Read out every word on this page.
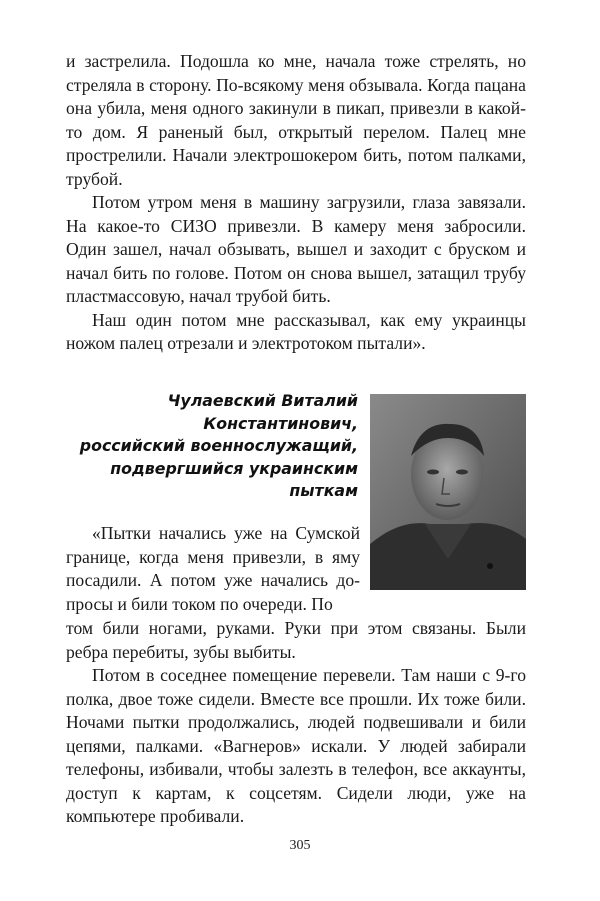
и застрелила. Подошла ко мне, начала тоже стрелять, но стреляла в сторону. По-всякому меня обзывала. Когда пацана она убила, меня одного закинули в пикап, привезли в какой-то дом. Я раненый был, открытый перелом. Палец мне прострелили. Начали электрошокером бить, потом палками, трубой.

Потом утром меня в машину загрузили, глаза завязали. На какое-то СИЗО привезли. В камеру меня забросили. Один зашел, начал обзывать, вышел и заходит с бруском и начал бить по голове. Потом он снова вышел, затащил трубу пластмассовую, начал трубой бить.

Наш один потом мне рассказывал, как ему украинцы ножом палец отрезали и электротоком пытали».

Чулаевский Виталий
Константинович,
российский военнослужащий,
подвергшийся украинским
пыткам

«Пытки начались уже на Сумской границе, когда меня привезли, в яму посадили. А потом уже начались допросы и били током по очереди. По

том били ногами, руками. Руки при этом связаны. Были ребра перебиты, зубы выбиты.

Потом в соседнее помещение перевели. Там наши с 9-го полка, двое тоже сидели. Вместе все прошли. Их тоже били. Ночами пытки продолжались, людей подвешивали и били цепями, палками. «Вагнеров» искали. У людей забирали телефоны, избивали, чтобы залезть в телефон, все аккаунты, доступ к картам, к соцсетям. Сидели люди, уже на компьютере пробивали.

305
